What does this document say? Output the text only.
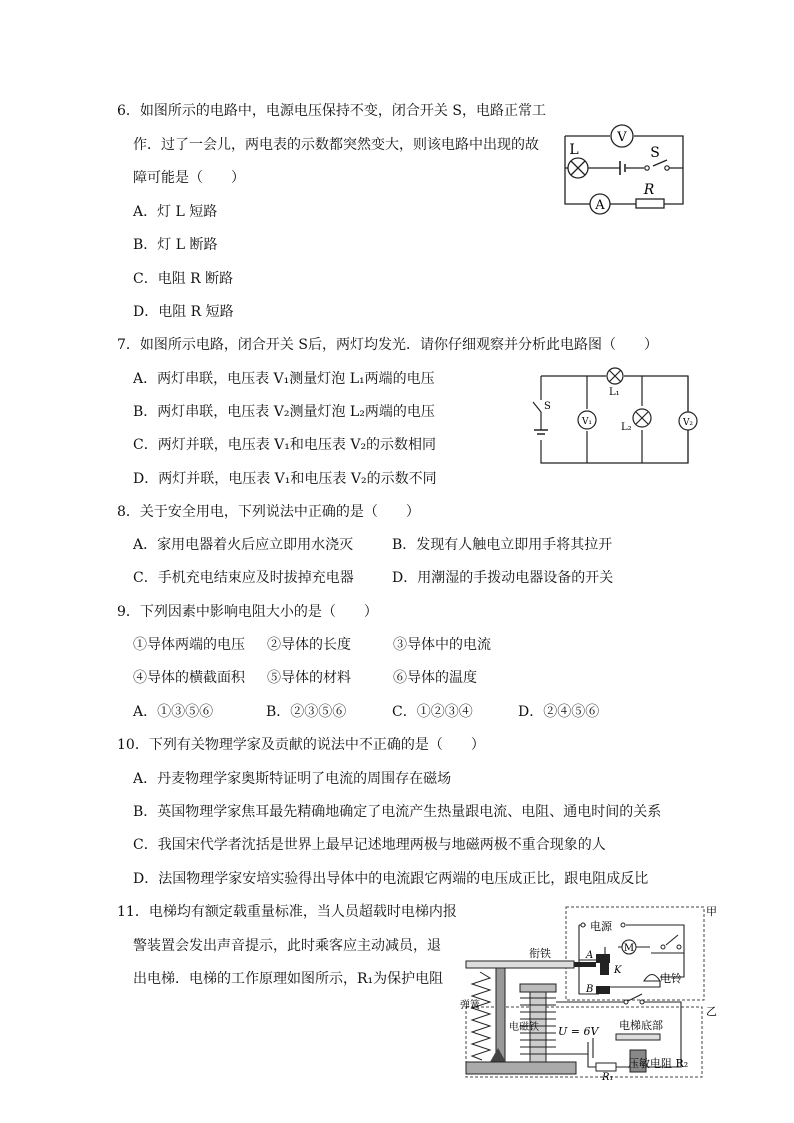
6．如图所示的电路中，电源电压保持不变，闭合开关 S，电路正常工
作．过了一会儿，两电表的示数都突然变大，则该电路中出现的故
障可能是（　　）
A．灯 L 短路
B．灯 L 断路
C．电阻 R 断路
D．电阻 R 短路
V
L	S
A
R
7．如图所示电路，闭合开关 S后，两灯均发光．请你仔细观察并分析此电路图（　　）
A．两灯串联，电压表 V₁测量灯泡 L₁两端的电压
B．两灯串联，电压表 V₂测量灯泡 L₂两端的电压
C．两灯并联，电压表 V₁和电压表 V₂的示数相同
D．两灯并联，电压表 V₁和电压表 V₂的示数不同
S
L₁
L₂
V₁	V₂
8．关于安全用电，下列说法中正确的是（　　）
A．家用电器着火后应立即用水浇灭	B．发现有人触电立即用手将其拉开
C．手机充电结束应及时拔掉充电器	D．用潮湿的手拨动电器设备的开关
9．下列因素中影响电阻大小的是（　　）
①导体两端的电压 ②导体的长度	③导体中的电流
④导体的横截面积 ⑤导体的材料	⑥导体的温度
A．①③⑤⑥	B．②③⑤⑥	C．①②③④	D．②④⑤⑥
10．下列有关物理学家及贡献的说法中不正确的是（　　）
A．丹麦物理学家奥斯特证明了电流的周围存在磁场
B．英国物理学家焦耳最先精确地确定了电流产生热量跟电流、电阻、通电时间的关系
C．我国宋代学者沈括是世界上最早记述地理两极与地磁两极不重合现象的人
D．法国物理学家安培实验得出导体中的电流跟它两端的电压成正比，跟电阻成反比
11．电梯均有额定载重量标准，当人员超载时电梯内报
警装置会发出声音提示，此时乘客应主动减员，退
出电梯．电梯的工作原理如图所示，R₁为保护电阻
甲
乙
电源
M
A
B
K
电铃
衔铁
弹簧
电磁铁 U = 6V 电梯底部
R₁
压敏电阻 R₂
